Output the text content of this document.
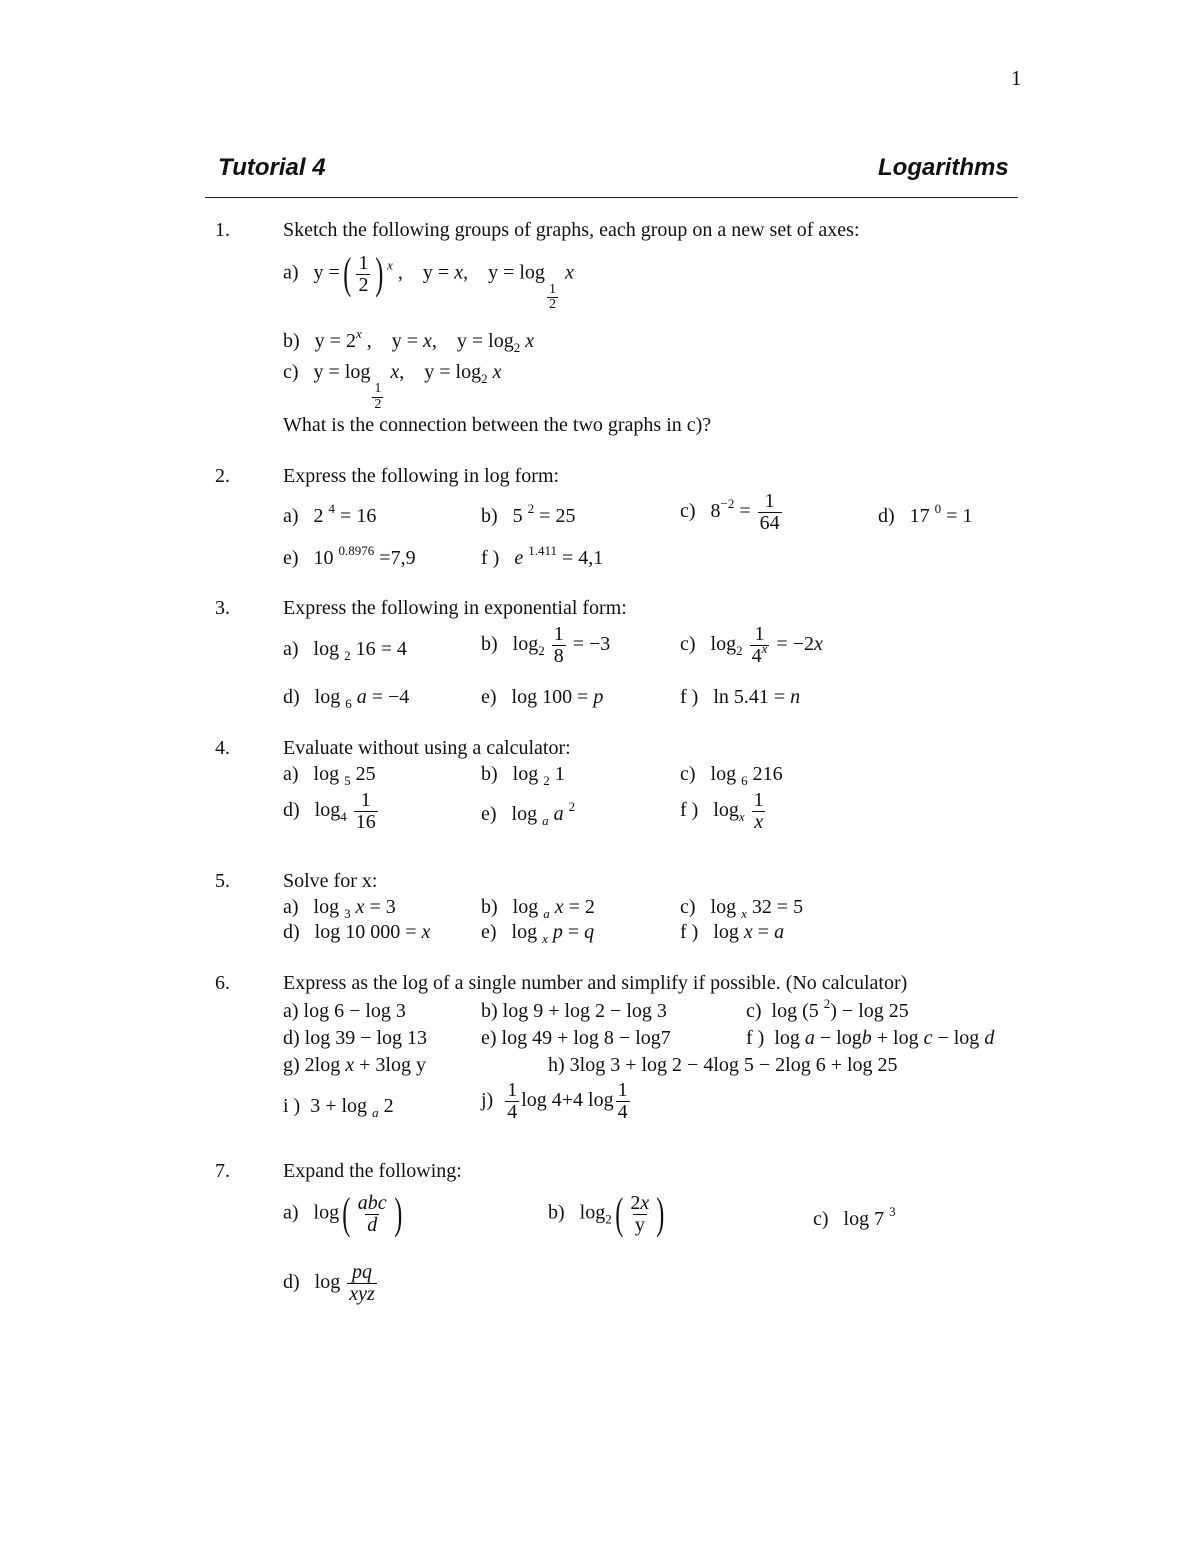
1
Tutorial 4	Logarithms
1.	Sketch the following groups of graphs, each group on a new set of axes:
a) y =( $\frac{1}{2}$ ) $^x$ ,    y = x,    y = log
$\frac{1}{2}$
x
b) $y = 2^x$ ,    y = x,    $y = \log_2 x$
c) y = log
$\frac{1}{2}$
x,    $y = \log_2 x$
What is the connection between the two graphs in c)?
2.	Express the following in log form:
a) 2 $^4$ = 16	b) 5 $^2$ = 25	c) $8^{-2} = \frac{1}{64}$	d) 17 $^0$ = 1
e) 10 $^{0.8976}$ =7,9	f ) e $^{1.411}$ = 4,1
3.	Express the following in exponential form:
a) log $_2$ 16 = 4	b) $\log_2 \frac{1}{8} = -3$	c) $\log_2 \frac{1}{4^x} = -2x$
d) log $_6$ a = −4	e) log 100 = p	f ) ln 5.41 = n
4.	Evaluate without using a calculator:
a) log $_5$ 25	b) log $_2$ 1	c) log $_6$ 216
d) $\log_4 \frac{1}{16}$	e) log $_a$ a $^2$	f ) $\log_x \frac{1}{x}$
5.	Solve for x:
a) log $_3$ x = 3	b) log $_a$ x = 2	c) log $_x$ 32 = 5
d) log 10 000 = x	e) log $_x$ p = q	f ) log x = a
6.	Express as the log of a single number and simplify if possible. (No calculator)
a) log 6 − log 3	b) log 9 + log 2 − log 3	c)  log (5 $^2$) − log 25
d) log 39 − log 13	e) log 49 + log 8 − log7	f )  log a − logb + log c − log d
g) 2log x + 3log y	h) 3log 3 + log 2 − 4log 5 − 2log 6 + log 25
i )  3 + log $_a$ 2	$j) \frac{1}{4}$ log 4+4 $\log \frac{1}{4}$
7.	Expand the following:
a) $\log( \frac{\text{abc}}{d}$ )	b) $\log_2( \frac{2x}{y}$ )	c) log 7 $^3$
d) $\log \frac{pq}{\text{xyz}}$
